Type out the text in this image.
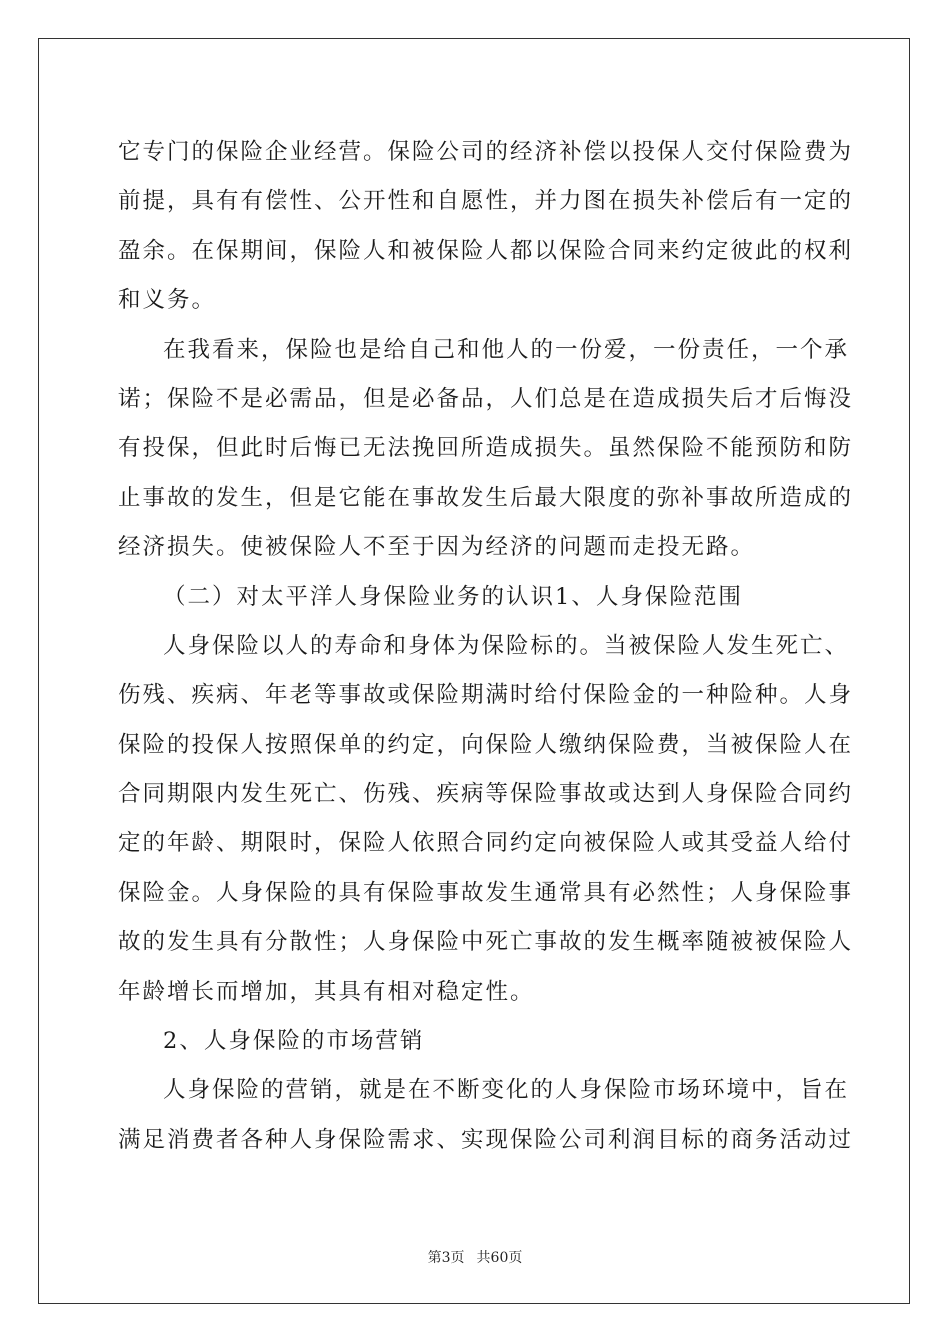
它专门的保险企业经营。保险公司的经济补偿以投保人交付保险费为
前提，具有有偿性、公开性和自愿性，并力图在损失补偿后有一定的
盈余。在保期间，保险人和被保险人都以保险合同来约定彼此的权利
和义务。
在我看来，保险也是给自己和他人的一份爱，一份责任，一个承
诺；保险不是必需品，但是必备品，人们总是在造成损失后才后悔没
有投保，但此时后悔已无法挽回所造成损失。虽然保险不能预防和防
止事故的发生，但是它能在事故发生后最大限度的弥补事故所造成的
经济损失。使被保险人不至于因为经济的问题而走投无路。
（二）对太平洋人身保险业务的认识1、人身保险范围
人身保险以人的寿命和身体为保险标的。当被保险人发生死亡、
伤残、疾病、年老等事故或保险期满时给付保险金的一种险种。人身
保险的投保人按照保单的约定，向保险人缴纳保险费，当被保险人在
合同期限内发生死亡、伤残、疾病等保险事故或达到人身保险合同约
定的年龄、期限时，保险人依照合同约定向被保险人或其受益人给付
保险金。人身保险的具有保险事故发生通常具有必然性；人身保险事
故的发生具有分散性；人身保险中死亡事故的发生概率随被被保险人
年龄增长而增加，其具有相对稳定性。
2、人身保险的市场营销
人身保险的营销，就是在不断变化的人身保险市场环境中，旨在
满足消费者各种人身保险需求、实现保险公司利润目标的商务活动过
第3页 共60页
